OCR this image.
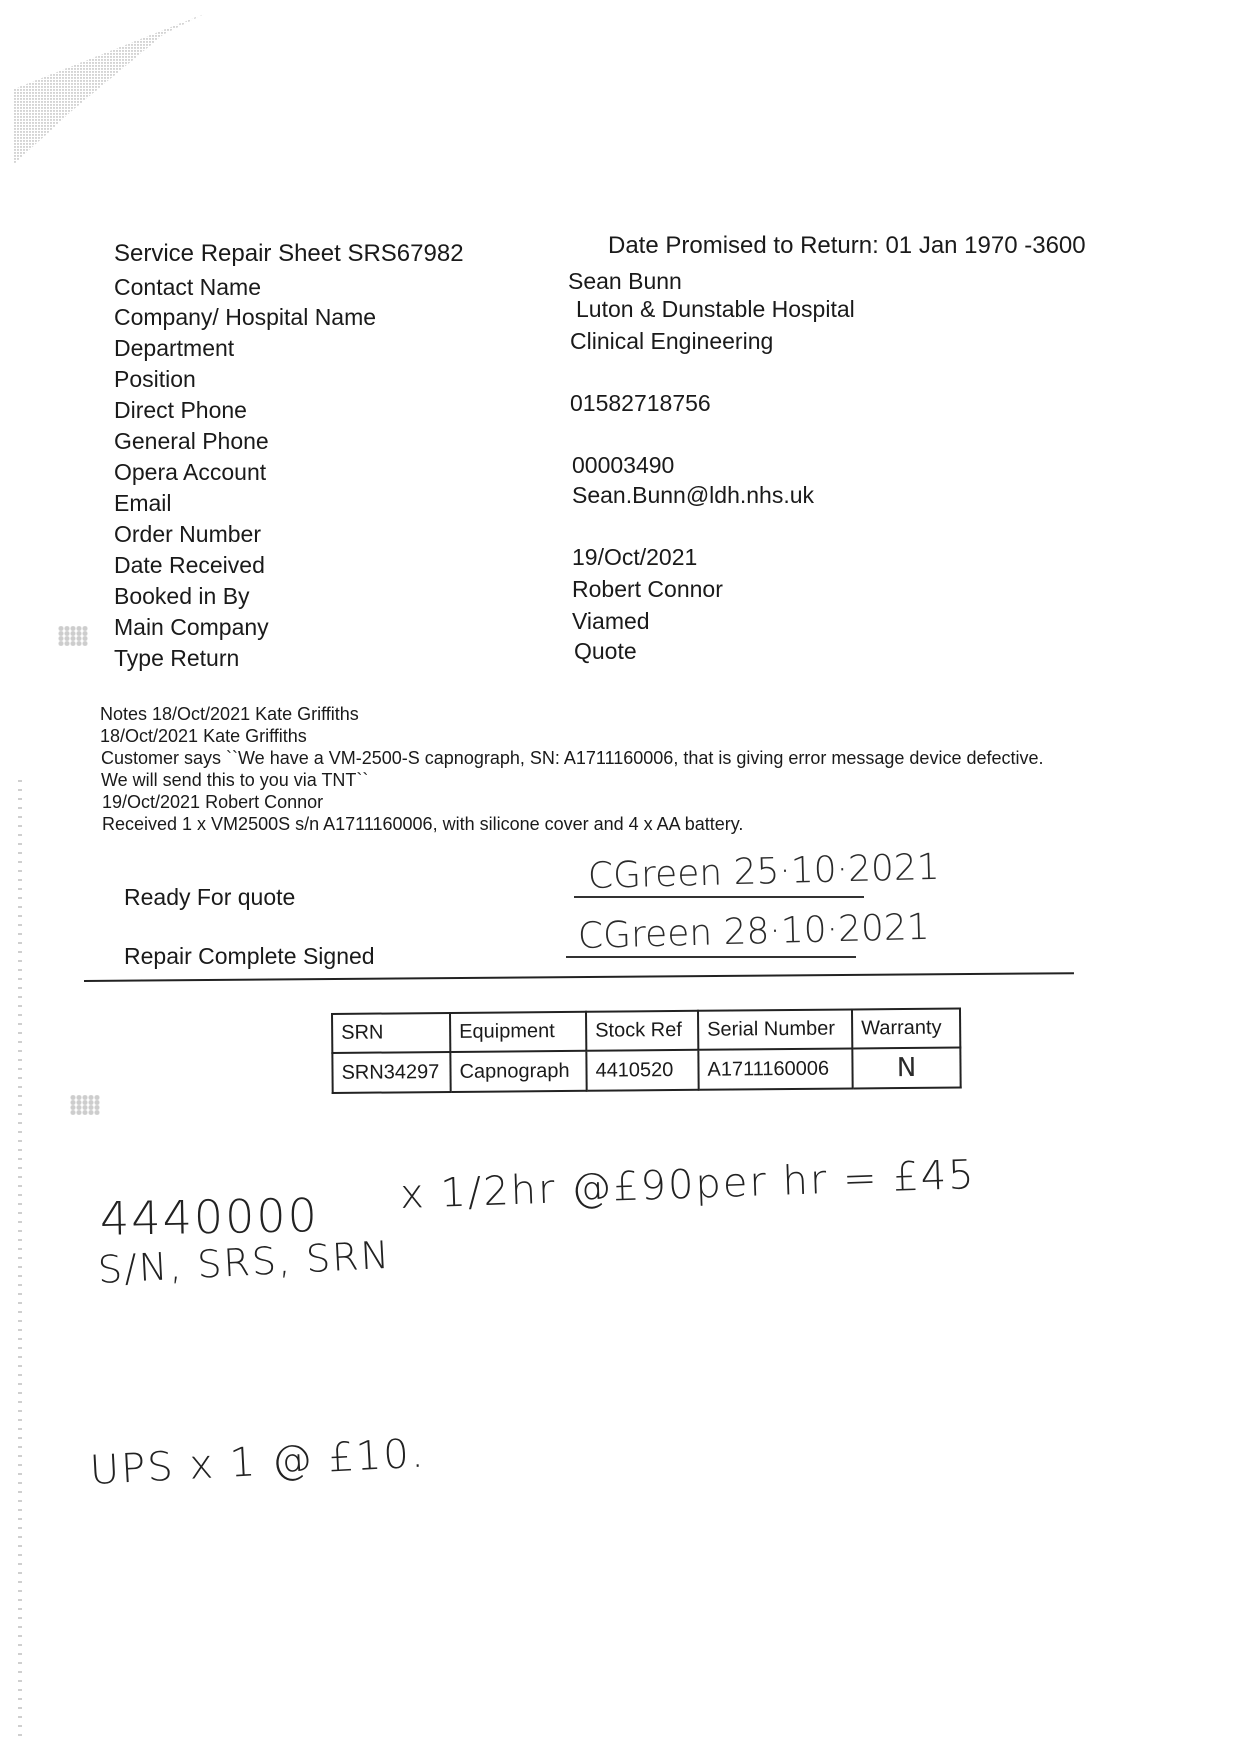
Service Repair Sheet SRS67982	Date Promised to Return: 01 Jan 1970 -3600
Contact Name	Sean Bunn
Company/ Hospital Name	Luton & Dunstable Hospital
Department	Clinical Engineering
Position
Direct Phone	01582718756
General Phone
Opera Account	00003490
Email	Sean.Bunn@ldh.nhs.uk
Order Number
Date Received	19/Oct/2021
Booked in By	Robert Connor
Main Company	Viamed
Type Return	Quote
Notes 18/Oct/2021 Kate Griffiths
18/Oct/2021 Kate Griffiths
Customer says ``We have a VM-2500-S capnograph, SN: A1711160006, that is giving error message device defective.
We will send this to you via TNT``
19/Oct/2021 Robert Connor
Received 1 x VM2500S s/n A1711160006, with silicone cover and 4 x AA battery.
Ready For quote
CGreen 25·10·2021
Repair Complete Signed	CGreen 28·10·2021
SRN	Equipment	Stock Ref	Serial Number	Warranty
SRN34297	Capnograph	4410520	A1711160006	N
4440000 x 1/2hr @£90per hr = £45
S/N, SRS, SRN
UPS x 1 @ £10.
